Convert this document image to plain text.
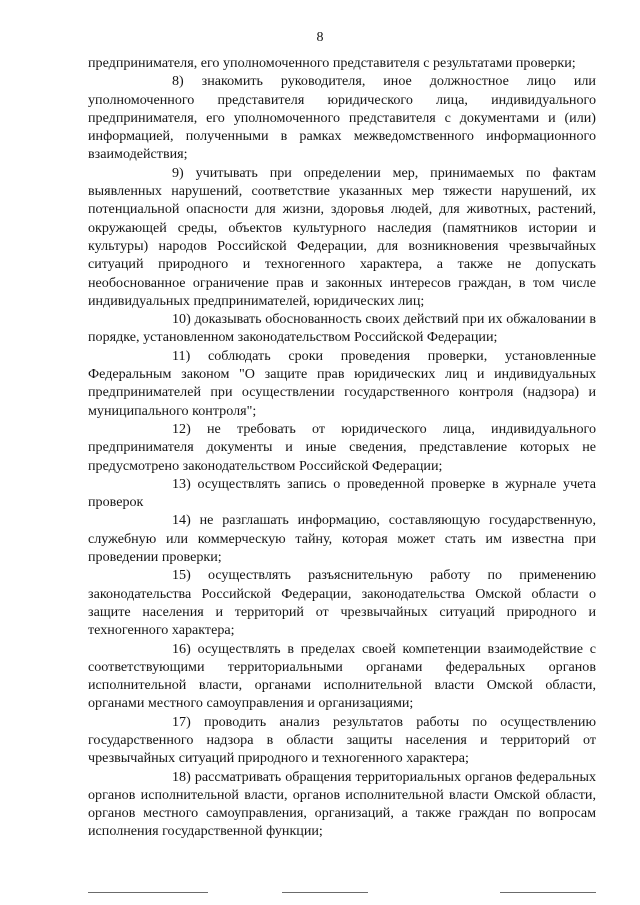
8

предпринимателя, его уполномоченного представителя с результатами проверки;

8) знакомить руководителя, иное должностное лицо или уполномоченного представителя юридического лица, индивидуального предпринимателя, его уполномоченного представителя с документами и (или) информацией, полученными в рамках межведомственного информационного взаимодействия;

9) учитывать при определении мер, принимаемых по фактам выявленных нарушений, соответствие указанных мер тяжести нарушений, их потенциальной опасности для жизни, здоровья людей, для животных, растений, окружающей среды, объектов культурного наследия (памятников истории и культуры) народов Российской Федерации, для возникновения чрезвычайных ситуаций природного и техногенного характера, а также не допускать необоснованное ограничение прав и законных интересов граждан, в том числе индивидуальных предпринимателей, юридических лиц;

10) доказывать обоснованность своих действий при их обжаловании в порядке, установленном законодательством Российской Федерации;

11) соблюдать сроки проведения проверки, установленные Федеральным законом "О защите прав юридических лиц и индивидуальных предпринимателей при осуществлении государственного контроля (надзора) и муниципального контроля";

12) не требовать от юридического лица, индивидуального предпринимателя документы и иные сведения, представление которых не предусмотрено законодательством Российской Федерации;

13) осуществлять запись о проведенной проверке в журнале учета проверок

14) не разглашать информацию, составляющую государственную, служебную или коммерческую тайну, которая может стать им известна при проведении проверки;

15) осуществлять разъяснительную работу по применению законодательства Российской Федерации, законодательства Омской области о защите населения и территорий от чрезвычайных ситуаций природного и техногенного характера;

16) осуществлять в пределах своей компетенции взаимодействие с соответствующими территориальными органами федеральных органов исполнительной власти, органами исполнительной власти Омской области, органами местного самоуправления и организациями;

17) проводить анализ результатов работы по осуществлению государственного надзора в области защиты населения и территорий от чрезвычайных ситуаций природного и техногенного характера;

18) рассматривать обращения территориальных органов федеральных органов исполнительной власти, органов исполнительной власти Омской области, органов местного самоуправления, организаций, а также граждан по вопросам исполнения государственной функции;
